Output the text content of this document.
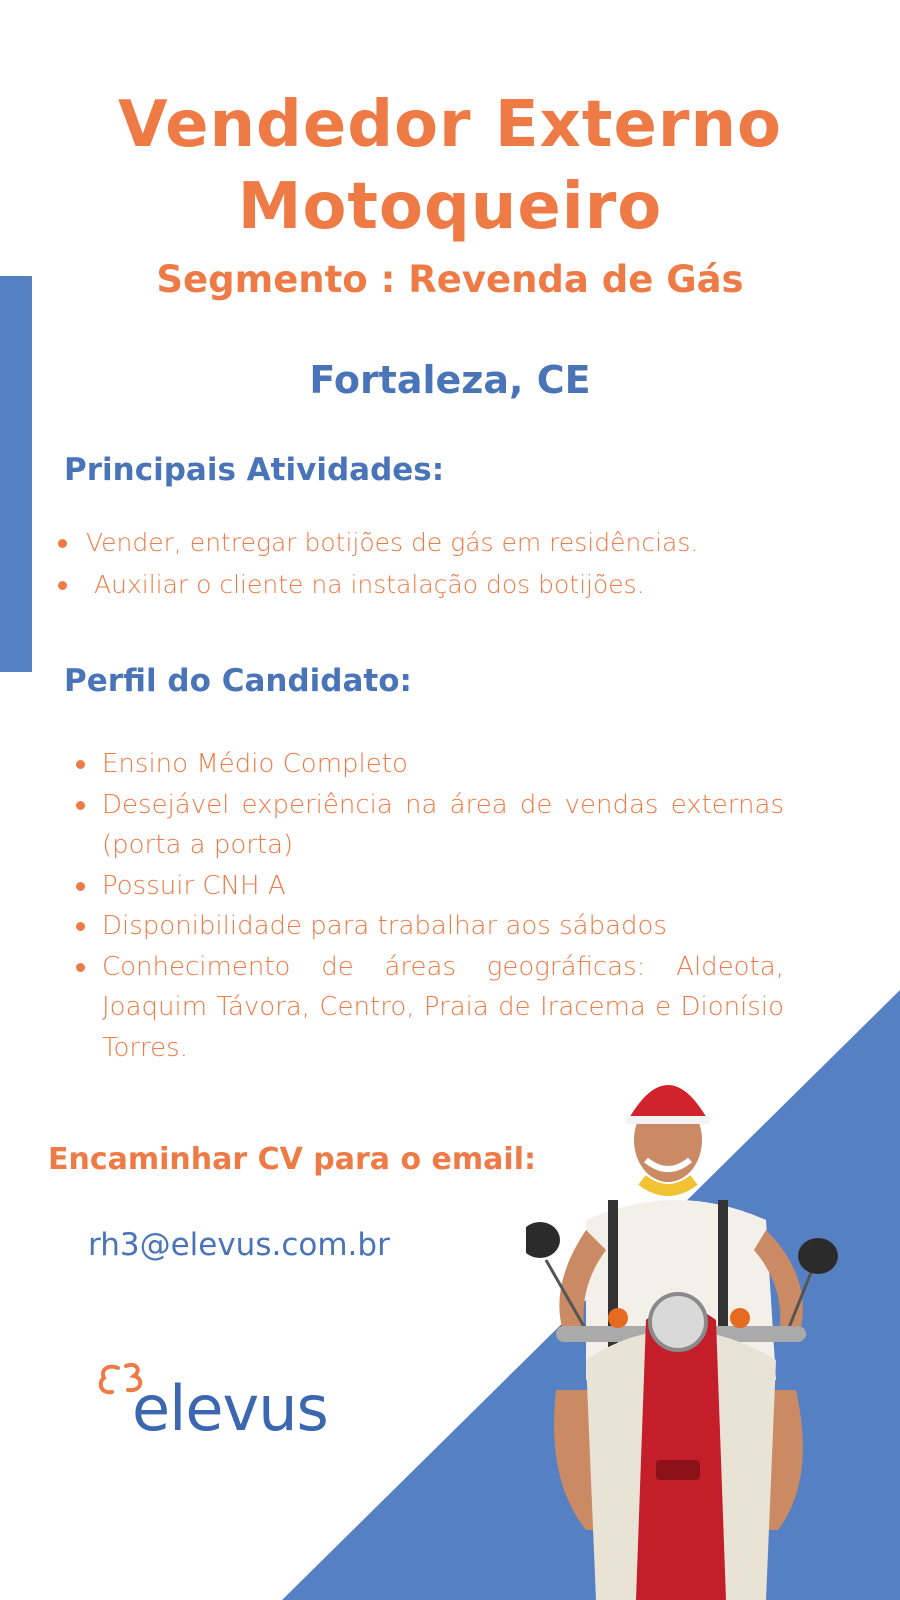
Vendedor Externo
Motoqueiro
Segmento : Revenda de Gás
Fortaleza, CE
Principais Atividades:
Vender, entregar botijões de gás em residências.
Auxiliar o cliente na instalação dos botijões.
Perfil do Candidato:
Ensino Médio Completo
Desejável experiência na área de vendas externas (porta a porta)
Possuir CNH A
Disponibilidade para trabalhar aos sábados
Conhecimento de áreas geográficas: Aldeota, Joaquim Távora, Centro, Praia de Iracema e Dionísio Torres.
Encaminhar CV para o email:
rh3@elevus.com.br
elevus
